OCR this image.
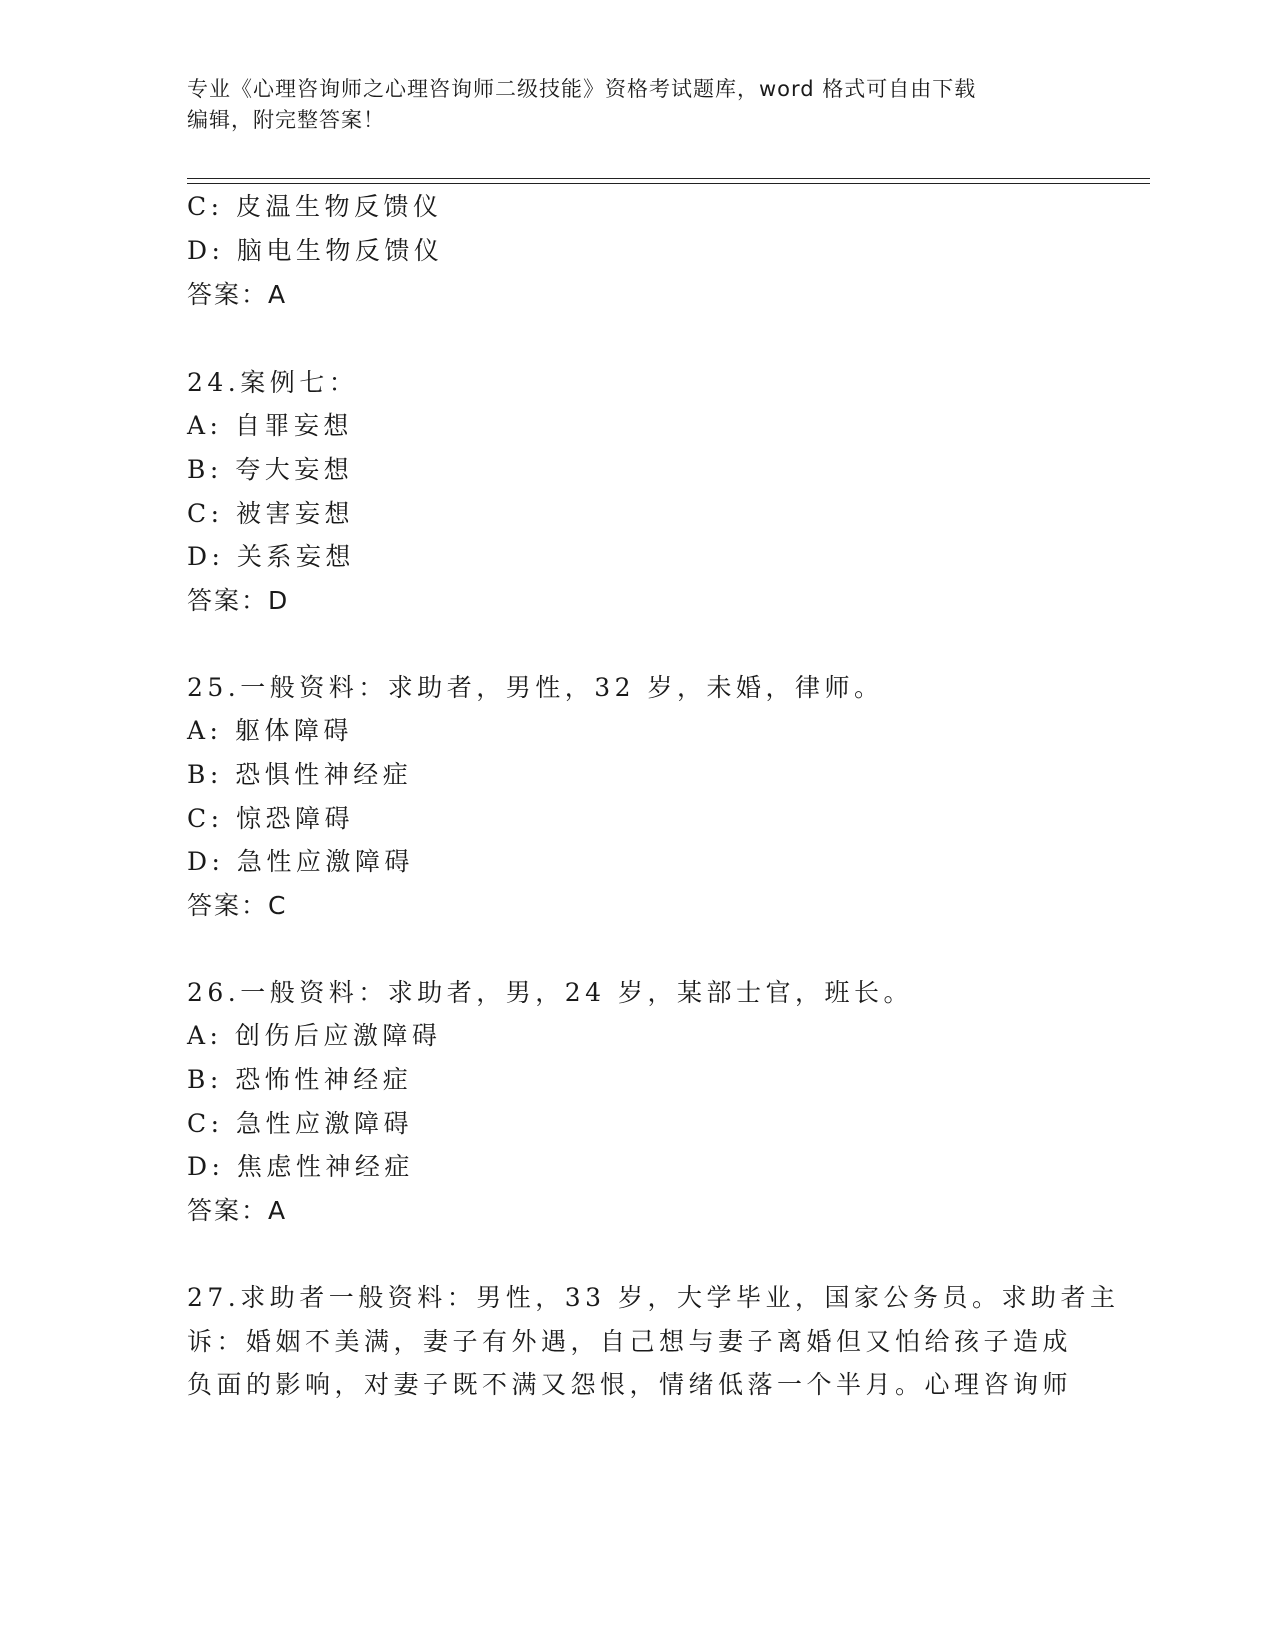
专业《心理咨询师之心理咨询师二级技能》资格考试题库，word 格式可自由下载
编辑，附完整答案！
C: 皮温生物反馈仪
D: 脑电生物反馈仪
答案：A
24.案例七：
A: 自罪妄想
B: 夸大妄想
C: 被害妄想
D: 关系妄想
答案：D
25.一般资料：求助者，男性，32 岁，未婚，律师。
A: 躯体障碍
B: 恐惧性神经症
C: 惊恐障碍
D: 急性应激障碍
答案：C
26.一般资料：求助者，男，24 岁，某部士官，班长。
A: 创伤后应激障碍
B: 恐怖性神经症
C: 急性应激障碍
D: 焦虑性神经症
答案：A
27.求助者一般资料：男性，33 岁，大学毕业，国家公务员。求助者主
诉：婚姻不美满，妻子有外遇，自己想与妻子离婚但又怕给孩子造成
负面的影响，对妻子既不满又怨恨，情绪低落一个半月。心理咨询师
